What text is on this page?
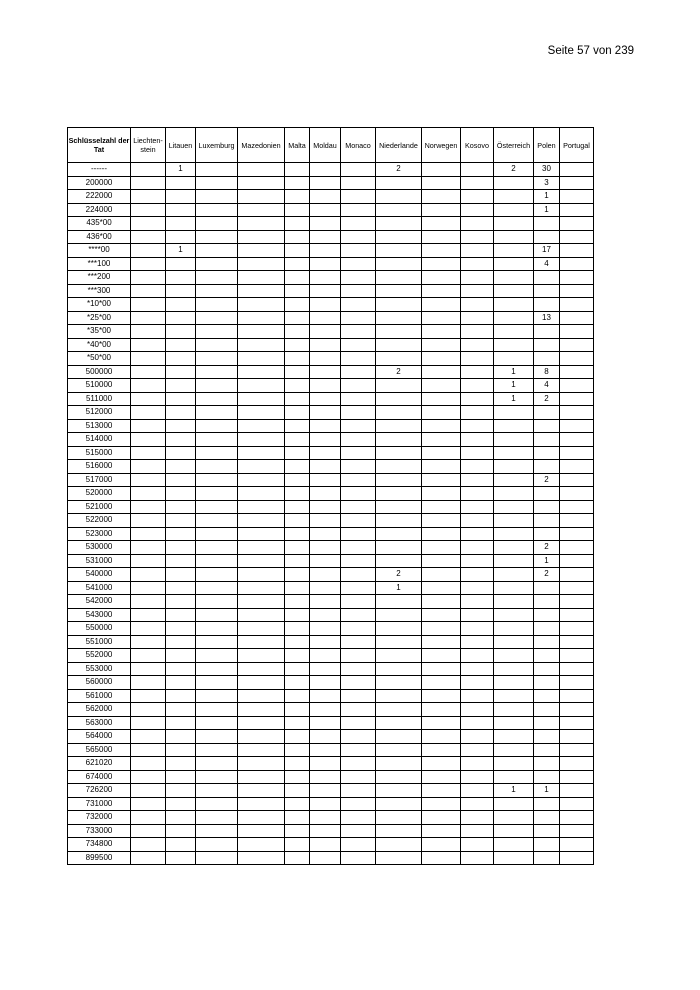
Seite 57 von 239
Schlüsselzahl der Tat	Liechten-stein	Litauen	Luxemburg	Mazedonien	Malta	Moldau	Monaco	Niederlande	Norwegen	Kosovo	Österreich	Polen	Portugal
------		1						2			2	30	
200000												3	
222000												1	
224000												1	
435*00													
436*00													
****00		1										17	
***100												4	
***200													
***300													
*10*00													
*25*00												13	
*35*00													
*40*00													
*50*00													
500000								2			1	8	
510000											1	4	
511000											1	2	
512000													
513000													
514000													
515000													
516000													
517000												2	
520000													
521000													
522000													
523000													
530000												2	
531000												1	
540000								2				2	
541000								1					
542000													
543000													
550000													
551000													
552000													
553000													
560000													
561000													
562000													
563000													
564000													
565000													
621020													
674000													
726200											1	1	
731000													
732000													
733000													
734800													
899500													
